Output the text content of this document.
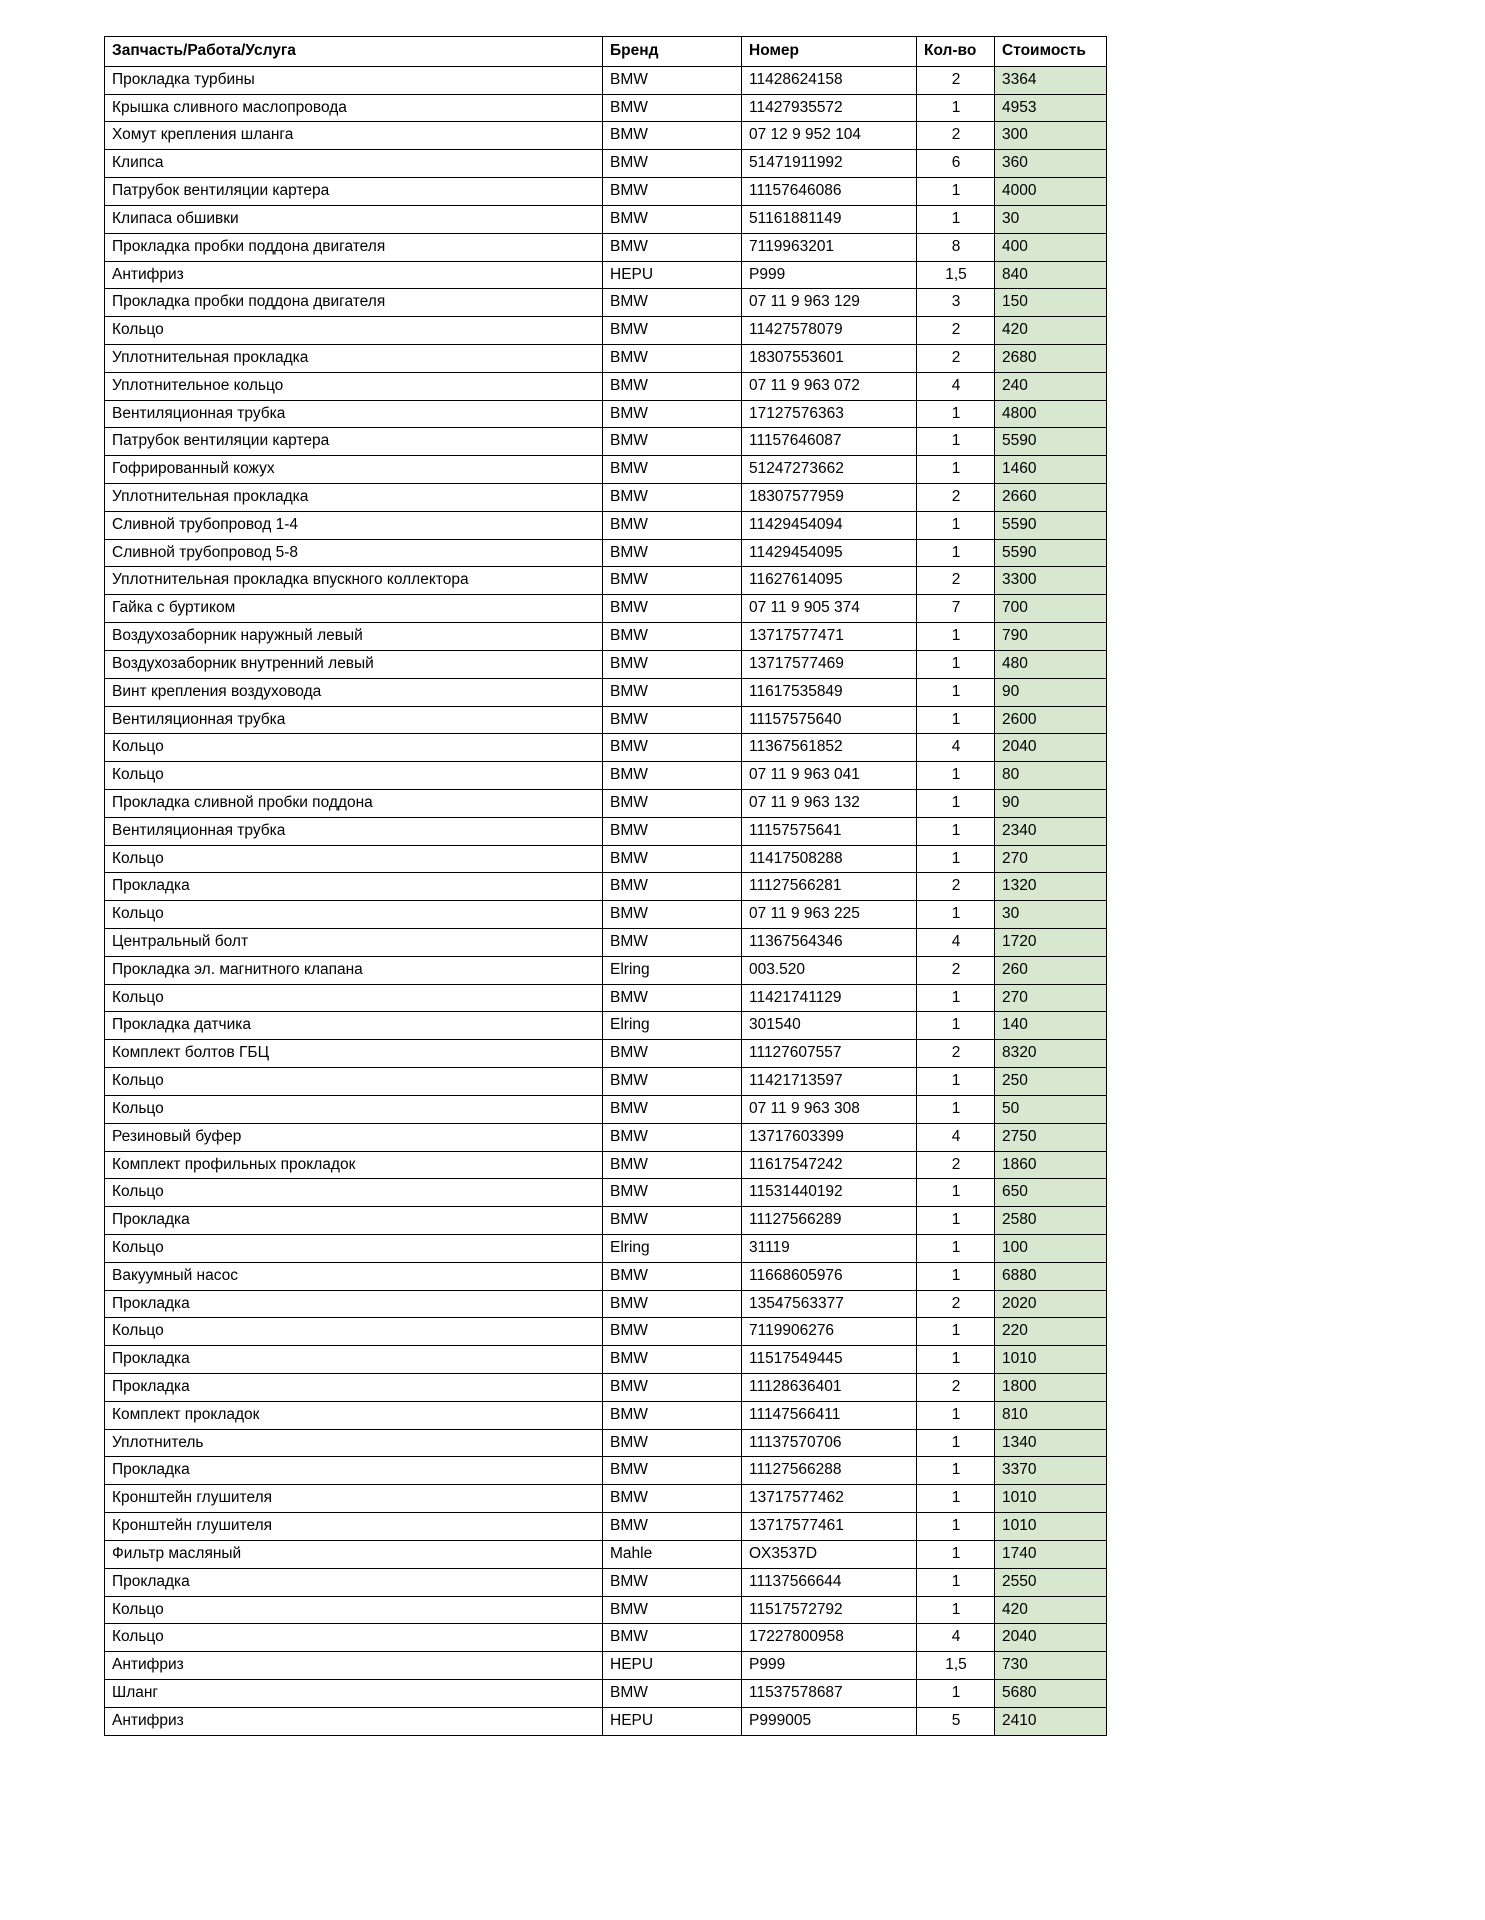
Запчасть/Работа/Услуга	Бренд	Номер	Кол-во	Стоимость
Прокладка турбины	BMW	11428624158	2	3364
Крышка сливного маслопровода	BMW	11427935572	1	4953
Хомут крепления шланга	BMW	07 12 9 952 104	2	300
Клипса	BMW	51471911992	6	360
Патрубок вентиляции картера	BMW	11157646086	1	4000
Клипаса обшивки	BMW	51161881149	1	30
Прокладка пробки поддона двигателя	BMW	7119963201	8	400
Антифриз	HEPU	P999	1,5	840
Прокладка пробки поддона двигателя	BMW	07 11 9 963 129	3	150
Кольцо	BMW	11427578079	2	420
Уплотнительная прокладка	BMW	18307553601	2	2680
Уплотнительное кольцо	BMW	07 11 9 963 072	4	240
Вентиляционная трубка	BMW	17127576363	1	4800
Патрубок вентиляции картера	BMW	11157646087	1	5590
Гофрированный кожух	BMW	51247273662	1	1460
Уплотнительная прокладка	BMW	18307577959	2	2660
Сливной трубопровод 1-4	BMW	11429454094	1	5590
Сливной трубопровод 5-8	BMW	11429454095	1	5590
Уплотнительная прокладка впускного коллектора	BMW	11627614095	2	3300
Гайка с буртиком	BMW	07 11 9 905 374	7	700
Воздухозаборник наружный левый	BMW	13717577471	1	790
Воздухозаборник внутренний левый	BMW	13717577469	1	480
Винт крепления воздуховода	BMW	11617535849	1	90
Вентиляционная трубка	BMW	11157575640	1	2600
Кольцо	BMW	11367561852	4	2040
Кольцо	BMW	07 11 9 963 041	1	80
Прокладка сливной пробки поддона	BMW	07 11 9 963 132	1	90
Вентиляционная трубка	BMW	11157575641	1	2340
Кольцо	BMW	11417508288	1	270
Прокладка	BMW	11127566281	2	1320
Кольцо	BMW	07 11 9 963 225	1	30
Центральный болт	BMW	11367564346	4	1720
Прокладка эл. магнитного клапана	Elring	003.520	2	260
Кольцо	BMW	11421741129	1	270
Прокладка датчика	Elring	301540	1	140
Комплект болтов ГБЦ	BMW	11127607557	2	8320
Кольцо	BMW	11421713597	1	250
Кольцо	BMW	07 11 9 963 308	1	50
Резиновый буфер	BMW	13717603399	4	2750
Комплект профильных прокладок	BMW	11617547242	2	1860
Кольцо	BMW	11531440192	1	650
Прокладка	BMW	11127566289	1	2580
Кольцо	Elring	31119	1	100
Вакуумный насос	BMW	11668605976	1	6880
Прокладка	BMW	13547563377	2	2020
Кольцо	BMW	7119906276	1	220
Прокладка	BMW	11517549445	1	1010
Прокладка	BMW	11128636401	2	1800
Комплект прокладок	BMW	11147566411	1	810
Уплотнитель	BMW	11137570706	1	1340
Прокладка	BMW	11127566288	1	3370
Кронштейн глушителя	BMW	13717577462	1	1010
Кронштейн глушителя	BMW	13717577461	1	1010
Фильтр масляный	Mahle	OX3537D	1	1740
Прокладка	BMW	11137566644	1	2550
Кольцо	BMW	11517572792	1	420
Кольцо	BMW	17227800958	4	2040
Антифриз	HEPU	P999	1,5	730
Шланг	BMW	11537578687	1	5680
Антифриз	HEPU	P999005	5	2410
